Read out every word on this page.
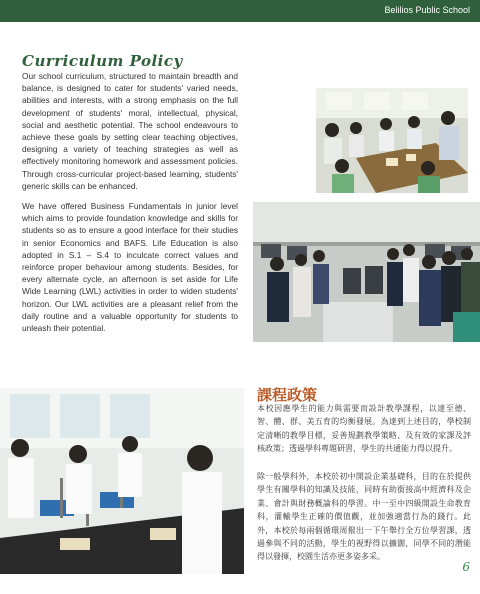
Belilios Public School
Curriculum Policy

Our school curriculum, structured to maintain breadth and balance, is designed to cater for students' varied needs, abilities and interests, with a strong emphasis on the full development of students' moral, intellectual, physical, social and aesthetic potential. The school endeavours to achieve these goals by setting clear teaching objectives, designing a variety of teaching strategies as well as effectively monitoring homework and assessment policies. Through cross-curricular project-based learning, students' generic skills can be enhanced.

We have offered Business Fundamentals in junior level which aims to provide foundation knowledge and skills for students so as to ensure a good interface for their studies in senior Economics and BAFS. Life Education is also adopted in S.1 – S.4 to inculcate correct values and reinforce proper behaviour among students. Besides, for every alternate cycle, an afternoon is set aside for Life Wide Learning (LWL) activities in order to widen students' horizon. Our LWL activities are a pleasant relief from the daily routine and a valuable opportunity for students to unleash their potential.

課程政策

本校因應學生的能力與需要而設計教學課程，以達至德、智、體、群、美五育的均衡發展。為達到上述目的，學校制定清晰的教學目標，妥善規劃教學策略、及有效的家課及評核政策；透過學科專題研習，學生的共通能力得以提升。

除一般學科外，本校於初中開設企業基礎科，目的在於提供學生有關學科的知識及技能，同時有助銜接高中經濟科及企業、會計與財務概論科的學習。中一至中四級開設生命教育科，灌輸學生正確的價值觀，並加強適當行為的踐行。此外，本校於每兩個循環周撥出一下午舉行全方位學習課，透過參與不同的活動，學生的視野得以擴闊，同學不同的潛能得以發揮，校園生活亦更多姿多采。

6
